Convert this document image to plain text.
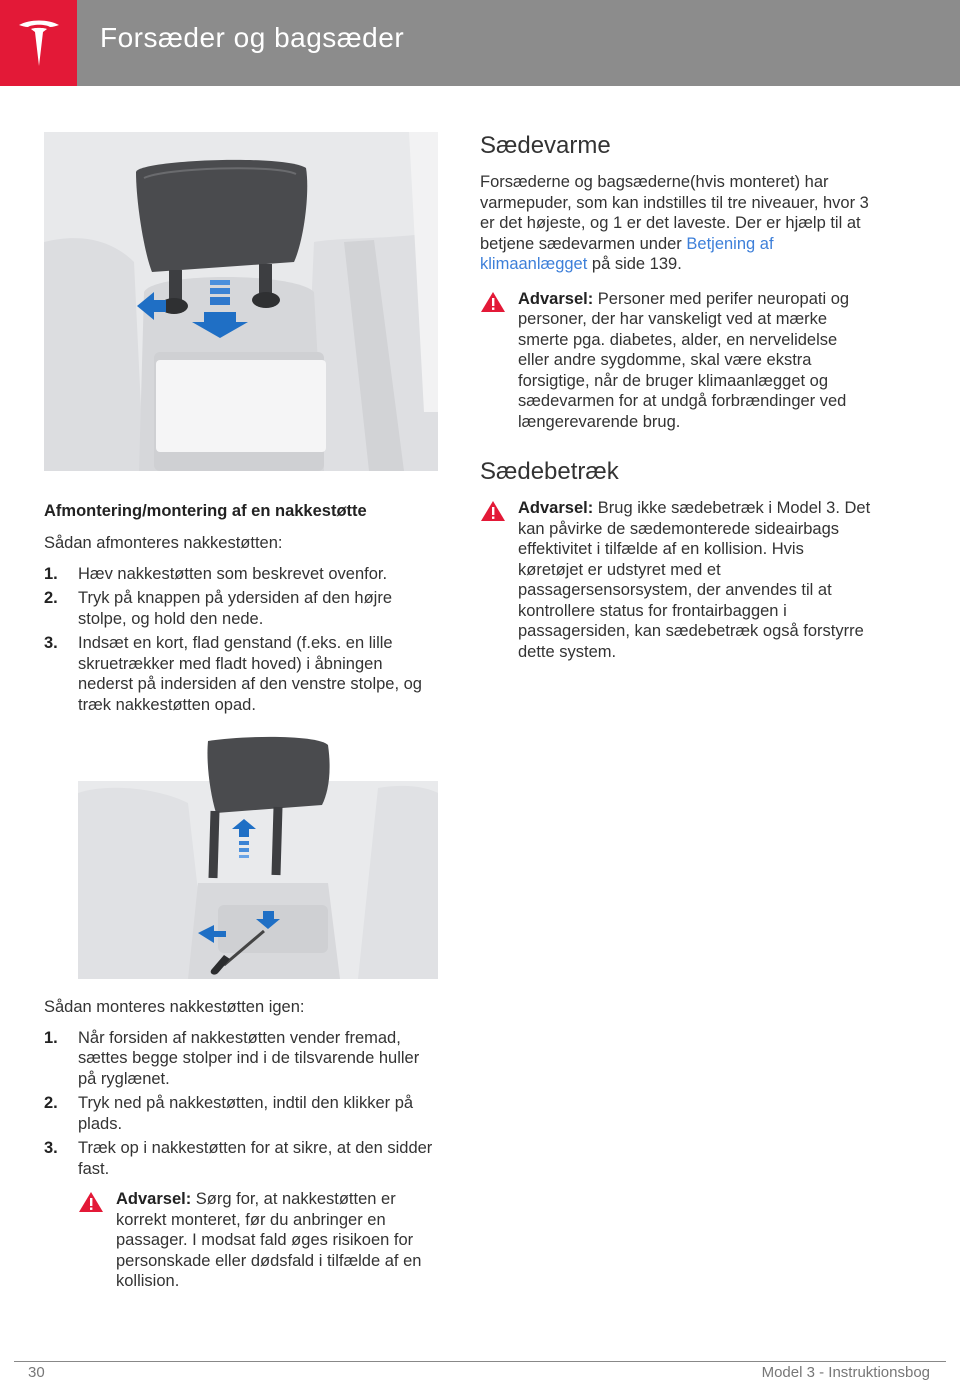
Forsæder og bagsæder
Afmontering/montering af en nakkestøtte

Sådan afmonteres nakkestøtten:

1.	Hæv nakkestøtten som beskrevet ovenfor.
2.	Tryk på knappen på ydersiden af den højre stolpe, og hold den nede.
3.	Indsæt en kort, flad genstand (f.eks. en lille skruetrækker med fladt hoved) i åbningen nederst på indersiden af den venstre stolpe, og træk nakkestøtten opad.

Sådan monteres nakkestøtten igen:

1.	Når forsiden af nakkestøtten vender fremad, sættes begge stolper ind i de tilsvarende huller på ryglænet.
2.	Tryk ned på nakkestøtten, indtil den klikker på plads.
3.	Træk op i nakkestøtten for at sikre, at den sidder fast.

Advarsel: Sørg for, at nakkestøtten er korrekt monteret, før du anbringer en passager. I modsat fald øges risikoen for personskade eller dødsfald i tilfælde af en kollision.

Sædevarme

Forsæderne og bagsæderne(hvis monteret) har varmepuder, som kan indstilles til tre niveauer, hvor 3 er det højeste, og 1 er det laveste. Der er hjælp til at betjene sædevarmen under Betjening af klimaanlægget på side 139.

Advarsel: Personer med perifer neuropati og personer, der har vanskeligt ved at mærke smerte pga. diabetes, alder, en nervelidelse eller andre sygdomme, skal være ekstra forsigtige, når de bruger klimaanlægget og sædevarmen for at undgå forbrændinger ved længerevarende brug.

Sædebetræk

Advarsel: Brug ikke sædebetræk i Model 3. Det kan påvirke de sædemonterede sideairbags effektivitet i tilfælde af en kollision. Hvis køretøjet er udstyret med et passagersensorsystem, der anvendes til at kontrollere status for frontairbaggen i passagersiden, kan sædebetræk også forstyrre dette system.

30	Model 3 - Instruktionsbog
